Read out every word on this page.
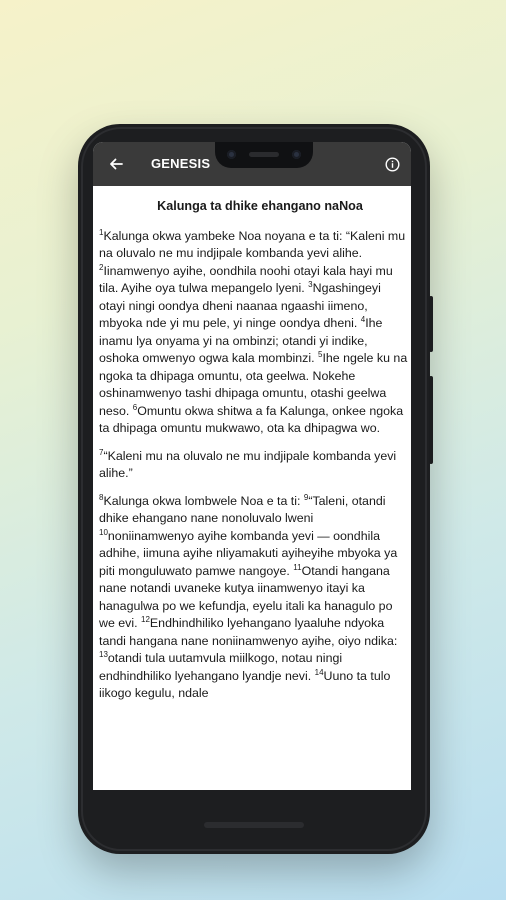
GENESIS
Kalunga ta dhike ehangano naNoa

$^1$Kalunga okwa yambeke Noa noyana e ta ti: “Kaleni mu na oluvalo ne mu indjipale kombanda yevi alihe. $^2$Iinamwenyo ayihe, oondhila noohi otayi kala hayi mu tila. Ayihe oya tulwa mepangelo lyeni. $^3$Ngashingeyi otayi ningi oondya dheni naanaa ngaashi iimeno, mbyoka nde yi mu pele, yi ninge oondya dheni. $^4$Ihe inamu lya onyama yi na ombinzi; otandi yi indike, oshoka omwenyo ogwa kala mombinzi. $^5$Ihe ngele ku na ngoka ta dhipaga omuntu, ota geelwa. Nokehe oshinamwenyo tashi dhipaga omuntu, otashi geelwa neso. $^6$Omuntu okwa shitwa a fa Kalunga, onkee ngoka ta dhipaga omuntu mukwawo, ota ka dhipagwa wo.

$^7$“Kaleni mu na oluvalo ne mu indjipale kombanda yevi alihe.”

$^8$Kalunga okwa lombwele Noa e ta ti: $^9$“Taleni, otandi dhike ehangano nane nonoluvalo lweni $^{10}$noniinamwenyo ayihe kombanda yevi — oondhila adhihe, iimuna ayihe nliyamakuti ayiheyihe mbyoka ya piti monguluwato pamwe nangoye. $^{11}$Otandi hangana nane notandi uvaneke kutya iinamwenyo itayi ka hanagulwa po we kefundja, eyelu itali ka hanagulo po we evi. $^{12}$Endhindhiliko lyehangano lyaaluhe ndyoka tandi hangana nane noniinamwenyo ayihe, oiyo ndika: $^{13}$otandi tula uutamvula miilkogo, notau ningi endhindhiliko lyehangano lyandje nevi. $^{14}$Uuno ta tulo iikogo kegulu, ndale
